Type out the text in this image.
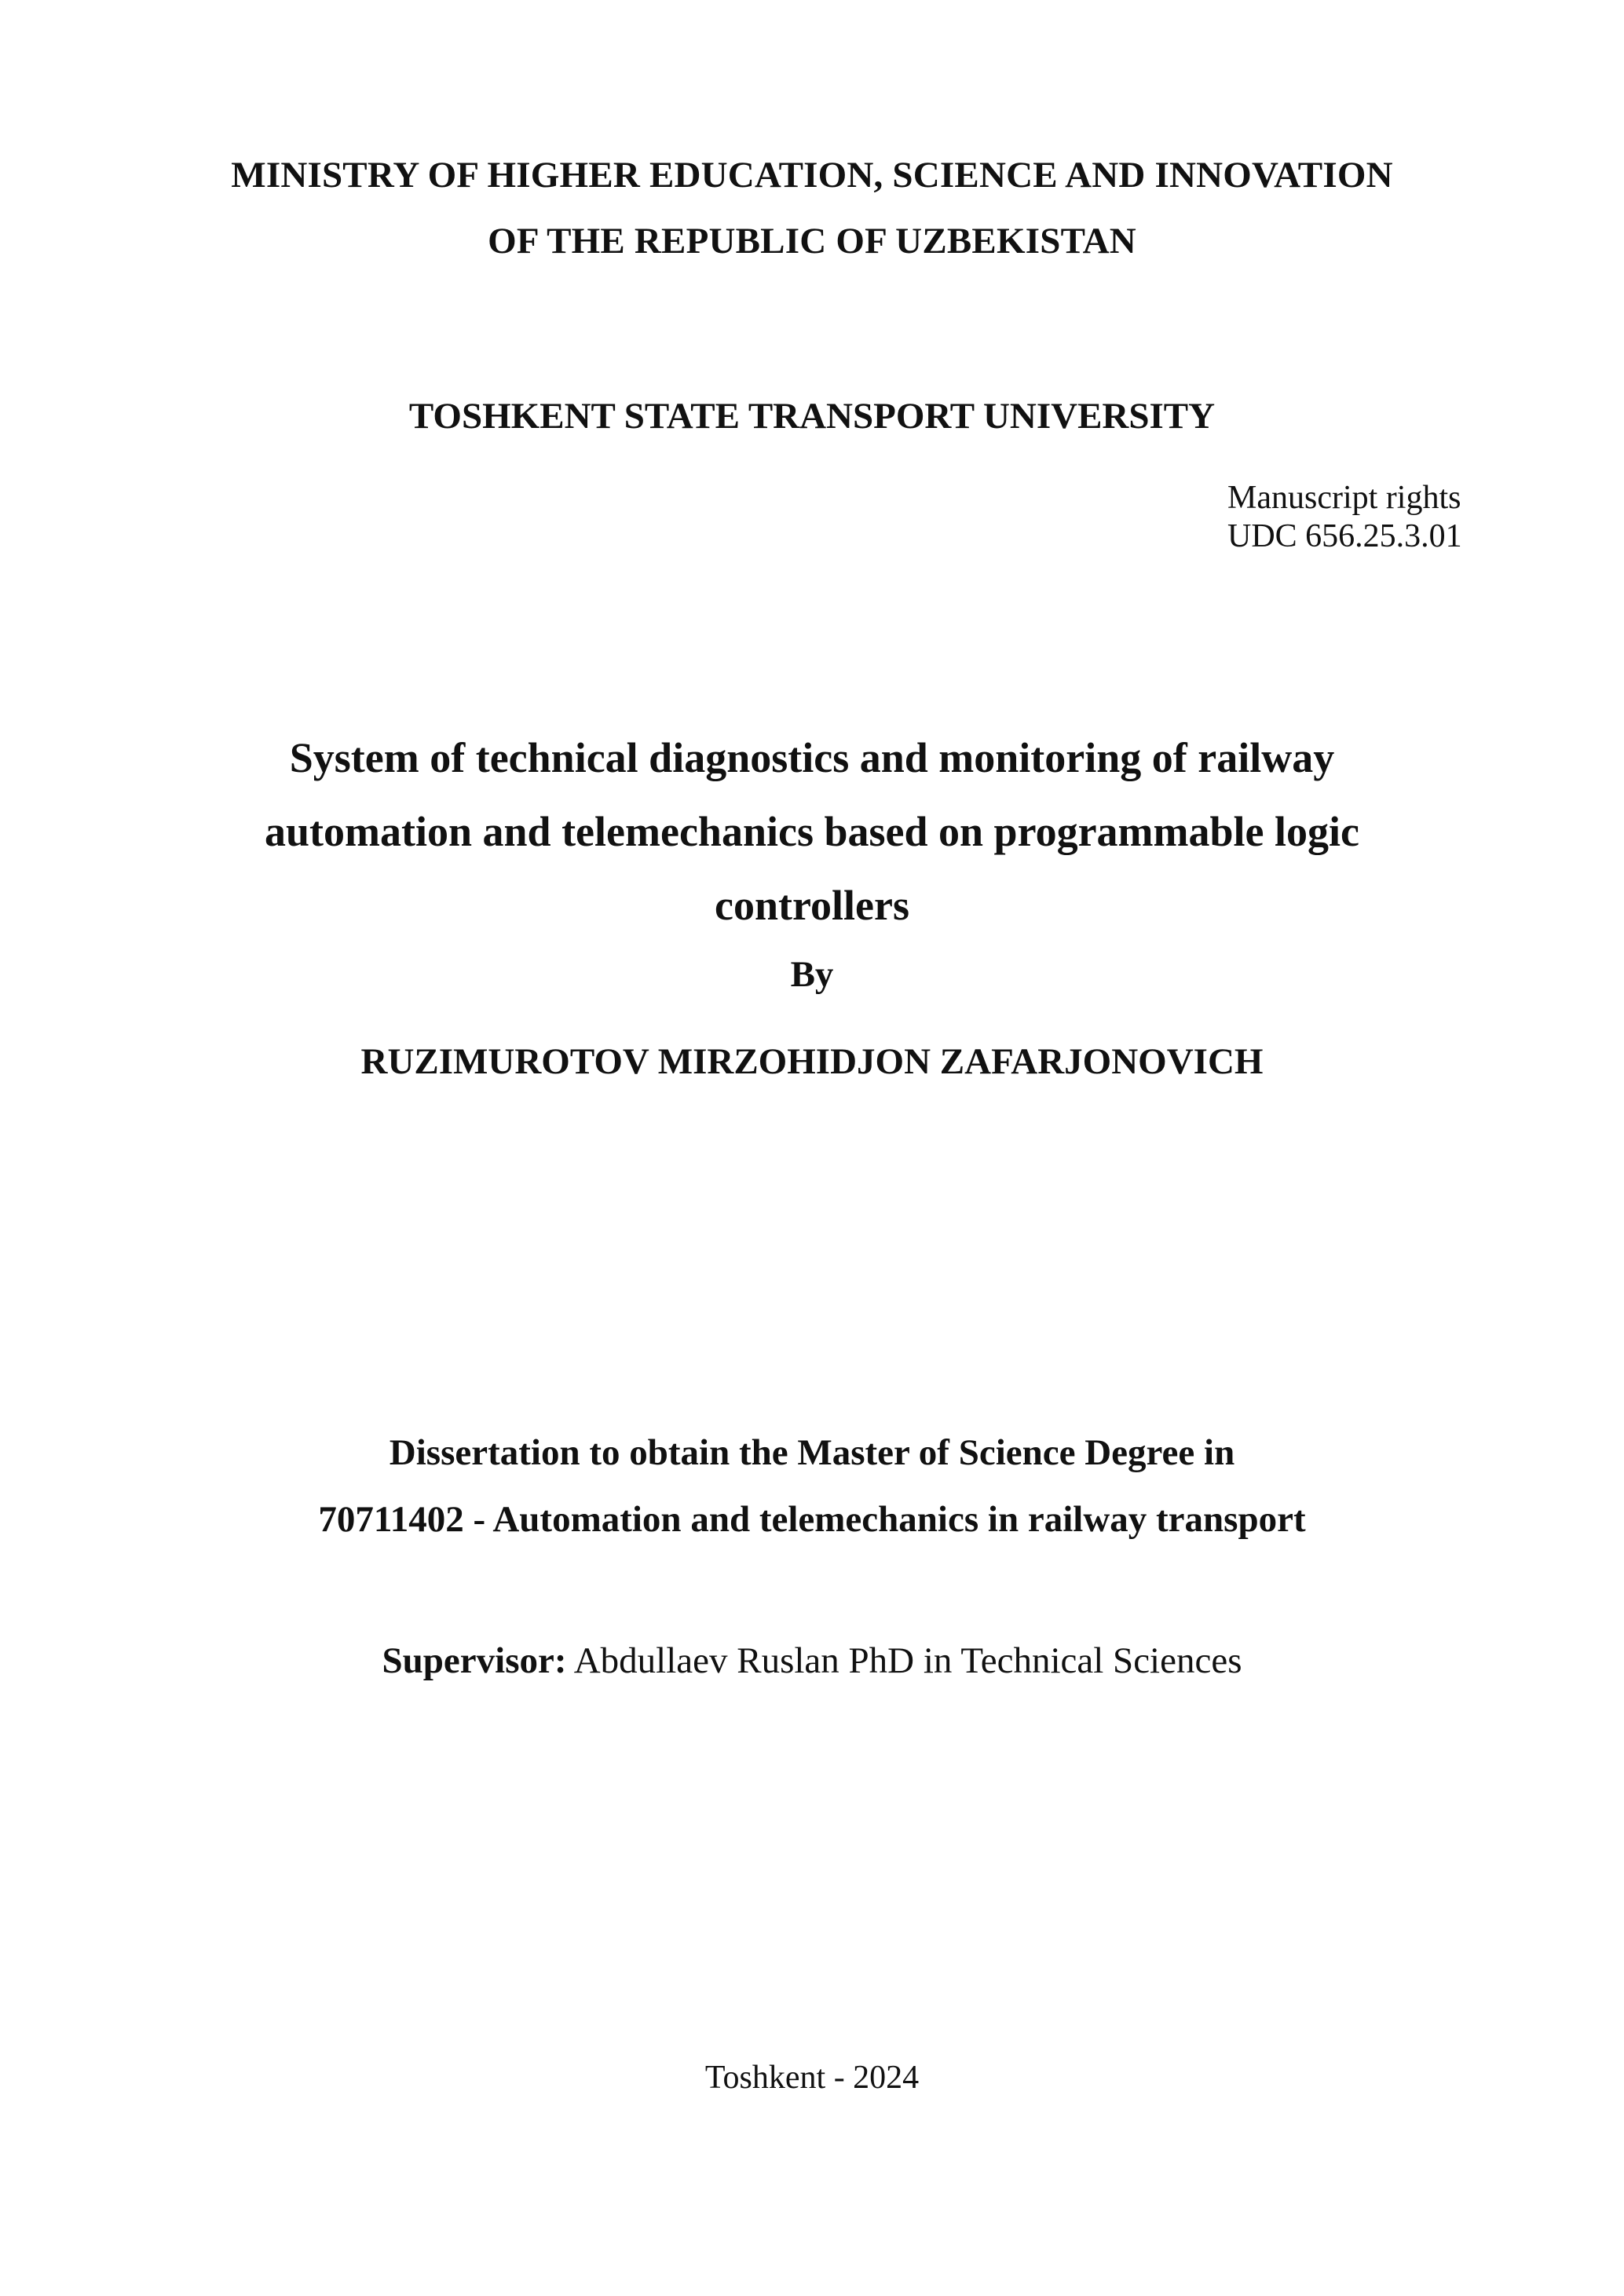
MINISTRY OF HIGHER EDUCATION, SCIENCE AND INNOVATION
OF THE REPUBLIC OF UZBEKISTAN
TOSHKENT STATE TRANSPORT UNIVERSITY
Manuscript rights
UDC 656.25.3.01
System of technical diagnostics and monitoring of railway
automation and telemechanics based on programmable logic
controllers
By
RUZIMUROTOV MIRZOHIDJON ZAFARJONOVICH
Dissertation to obtain the Master of Science Degree in
70711402 - Automation and telemechanics in railway transport
Supervisor: Abdullaev Ruslan PhD in Technical Sciences
Toshkent - 2024
